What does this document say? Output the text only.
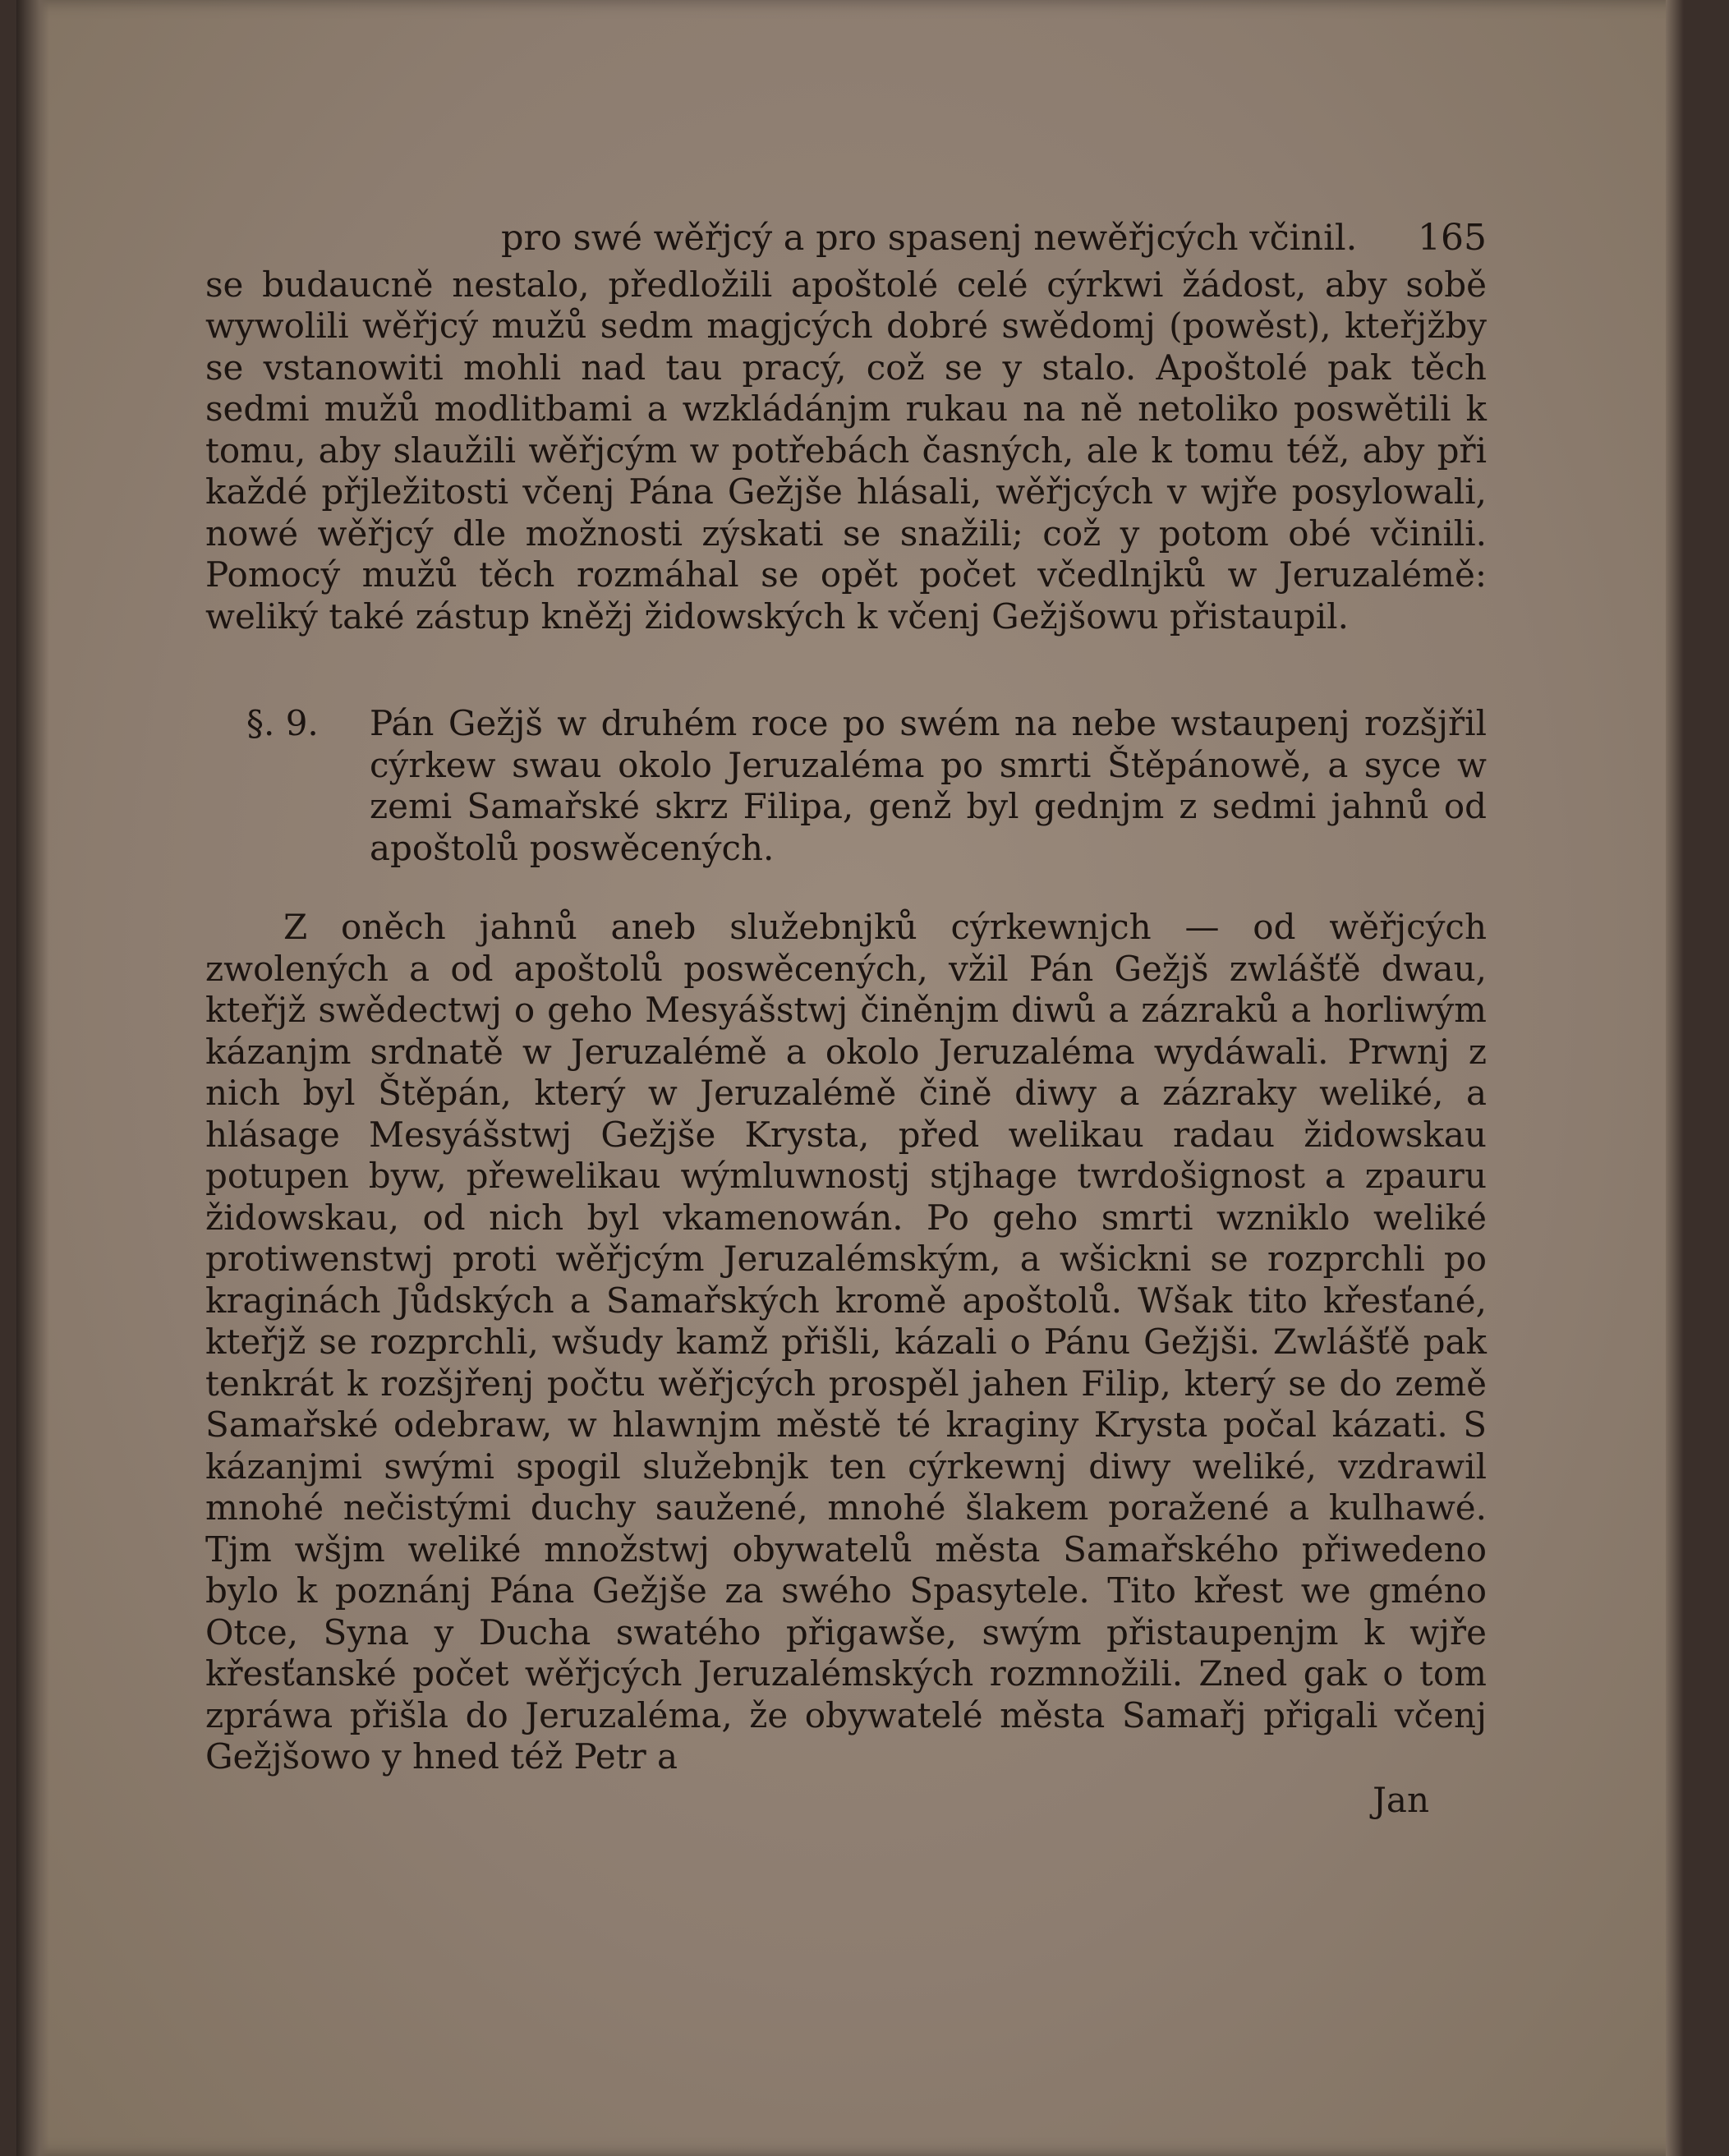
pro swé wěřjcý a pro spasenj newěřjcých včinil. 165

se budaucně nestalo, předložili apoštolé celé cýrkwi žádost, aby sobě wywolili wěřjcý mužů sedm magjcých dobré swědomj (powěst), kteřjžby se vstanowiti mohli nad tau pracý, což se y stalo. Apoštolé pak těch sedmi mužů modlitbami a wzkládánjm rukau na ně netoliko poswětili k tomu, aby slaužili wěřjcým w potřebách časných, ale k tomu též, aby při každé přjležitosti včenj Pána Gežjše hlásali, wěřjcých v wjře posylowali, nowé wěřjcý dle možnosti zýskati se snažili; což y potom obé včinili. Pomocý mužů těch rozmáhal se opět počet včedlnjků w Jeruzalémě: weliký také zástup kněžj židowských k včenj Gežjšowu přistaupil.

§. 9.	Pán Gežjš w druhém roce po swém na nebe wstaupenj rozšjřil cýrkew swau okolo Jeruzaléma po smrti Štěpánowě, a syce w zemi Samařské skrz Filipa, genž byl gednjm z sedmi jahnů od apoštolů poswěcených.

Z oněch jahnů aneb služebnjků cýrkewnjch — od wěřjcých zwolených a od apoštolů poswěcených, vžil Pán Gežjš zwlášťě dwau, kteřjž swědectwj o geho Mesyášstwj činěnjm diwů a zázraků a horliwým kázanjm srdnatě w Jeruzalémě a okolo Jeruzaléma wydáwali. Prwnj z nich byl Štěpán, který w Jeruzalémě čině diwy a zázraky weliké, a hlásage Mesyášstwj Gežjše Krysta, před welikau radau židowskau potupen byw, přewelikau wýmluwnostj stjhage twrdošignost a zpauru židowskau, od nich byl vkamenowán. Po geho smrti wzniklo weliké protiwenstwj proti wěřjcým Jeruzalémským, a wšickni se rozprchli po kraginách Jůdských a Samařských kromě apoštolů. Wšak tito křesťané, kteřjž se rozprchli, wšudy kamž přišli, kázali o Pánu Gežjši. Zwlášťě pak tenkrát k rozšjřenj počtu wěřjcých prospěl jahen Filip, který se do země Samařské odebraw, w hlawnjm městě té kraginy Krysta počal kázati. S kázanjmi swými spogil služebnjk ten cýrkewnj diwy weliké, vzdrawil mnohé nečistými duchy saužené, mnohé šlakem poražené a kulhawé. Tjm wšjm weliké množstwj obywatelů města Samařského přiwedeno bylo k poznánj Pána Gežjše za swého Spasytele. Tito křest we gméno Otce, Syna y Ducha swatého přigawše, swým přistaupenjm k wjře křesťanské počet wěřjcých Jeruzalémských rozmnožili. Zned gak o tom zpráwa přišla do Jeruzaléma, že obywatelé města Samařj přigali včenj Gežjšowo y hned též Petr a

Jan
